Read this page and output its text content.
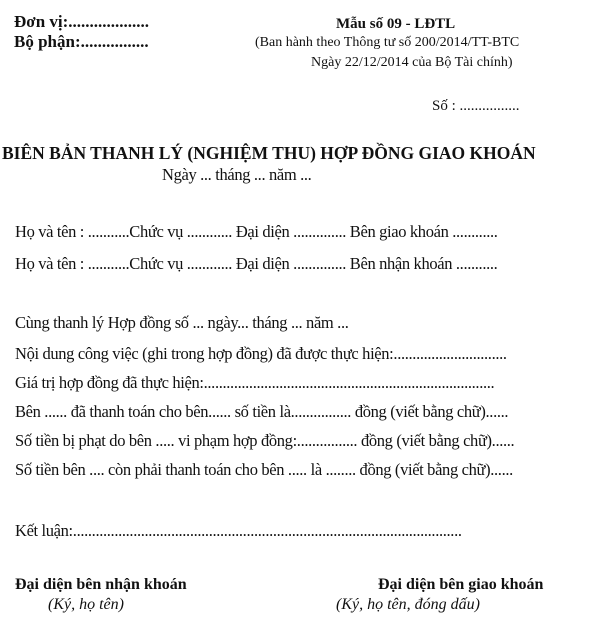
Đơn vị:...................
Bộ phận:................
Mẫu số 09 - LĐTL
(Ban hành theo Thông tư số 200/2014/TT-BTC
Ngày 22/12/2014 của Bộ Tài chính)
Số : ................
BIÊN BẢN THANH LÝ (NGHIỆM THU) HỢP ĐỒNG GIAO KHOÁN
Ngày ... tháng ... năm ...
Họ và tên : ...........Chức vụ ............ Đại diện .............. Bên giao khoán ............
Họ và tên : ...........Chức vụ ............ Đại diện .............. Bên nhận khoán ...........
Cùng thanh lý Hợp đồng số ... ngày... tháng ... năm ...
Nội dung công việc (ghi trong hợp đồng) đã được thực hiện:..............................
Giá trị hợp đồng đã thực hiện:.............................................................................
Bên ...... đã thanh toán cho bên...... số tiền là................ đồng (viết bằng chữ)......
Số tiền bị phạt do bên ..... vi phạm hợp đồng:................ đồng (viết bằng chữ)......
Số tiền bên .... còn phải thanh toán cho bên ..... là ........ đồng (viết bằng chữ)......
Kết luận:.......................................................................................................
Đại diện bên nhận khoán
(Ký, họ tên)
Đại diện bên giao khoán
(Ký, họ tên, đóng dấu)
